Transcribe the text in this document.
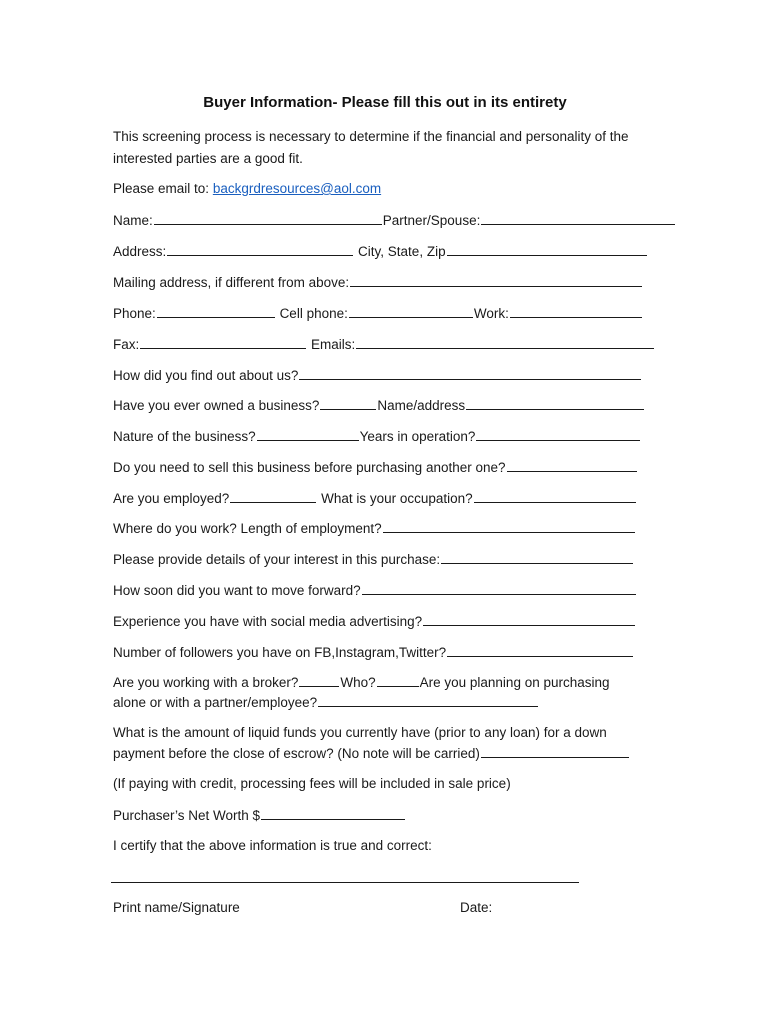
Buyer Information- Please fill this out in its entirety
This screening process is necessary to determine if the financial and personality of the
interested parties are a good fit.
Please email to: backgrdresources@aol.com
Name:	Partner/Spouse:
Address:	City, State, Zip
Mailing address, if different from above:
Phone:	Cell phone:	Work:
Fax:	Emails:
How did you find out about us?
Have you ever owned a business?	Name/address
Nature of the business?	Years in operation?
Do you need to sell this business before purchasing another one?
Are you employed?	What is your occupation?
Where do you work? Length of employment?
Please provide details of your interest in this purchase:
How soon did you want to move forward?
Experience you have with social media advertising?
Number of followers you have on FB,Instagram,Twitter?
Are you working with a broker?	Who?	Are you planning on purchasing
alone or with a partner/employee?
What is the amount of liquid funds you currently have (prior to any loan) for a down
payment before the close of escrow? (No note will be carried)
(If paying with credit, processing fees will be included in sale price)
Purchaser’s Net Worth $
I certify that the above information is true and correct:
Print name/Signature	Date:
